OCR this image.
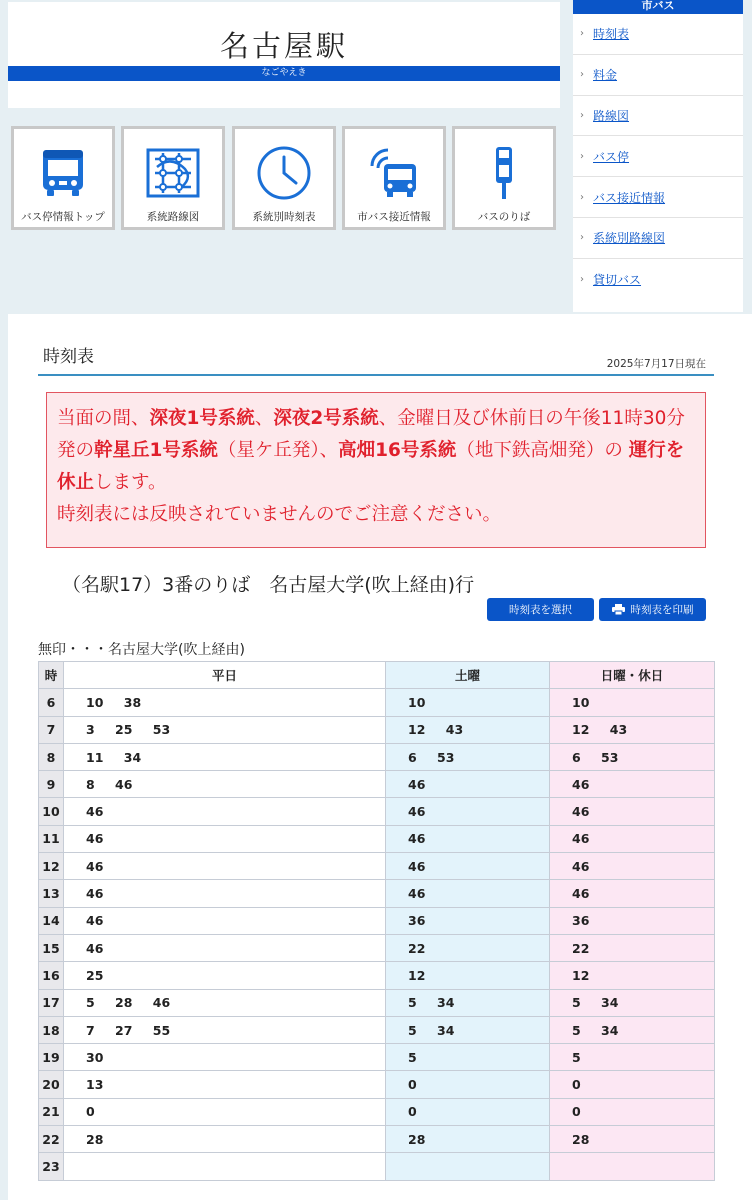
名古屋駅
なごやえき
市バス
› 時刻表
› 料金
› 路線図
› バス停
› バス接近情報
› 系統別路線図
› 貸切バス
バス停情報トップ	系統路線図	系統別時刻表	市バス接近情報	バスのりば
時刻表	2025年7月17日現在
当面の間、深夜1号系統、深夜2号系統、金曜日及び休前日の午後11時30分発の幹星丘1号系統（星ケ丘発）、高畑16号系統（地下鉄高畑発）の 運行を休止します。
時刻表には反映されていませんのでご注意ください。
（名駅17）3番のりば　名古屋大学(吹上経由)行
時刻表を選択	時刻表を印刷
無印・・・名古屋大学(吹上経由)
時	平日	土曜	日曜・休日
6	10 38	10	10
7	3 25 53	12 43	12 43
8	11 34	6 53	6 53
9	8 46	46	46
10	46	46	46
11	46	46	46
12	46	46	46
13	46	46	46
14	46	36	36
15	46	22	22
16	25	12	12
17	5 28 46	5 34	5 34
18	7 27 55	5 34	5 34
19	30	5	5
20	13	0	0
21	0	0	0
22	28	28	28
23			
